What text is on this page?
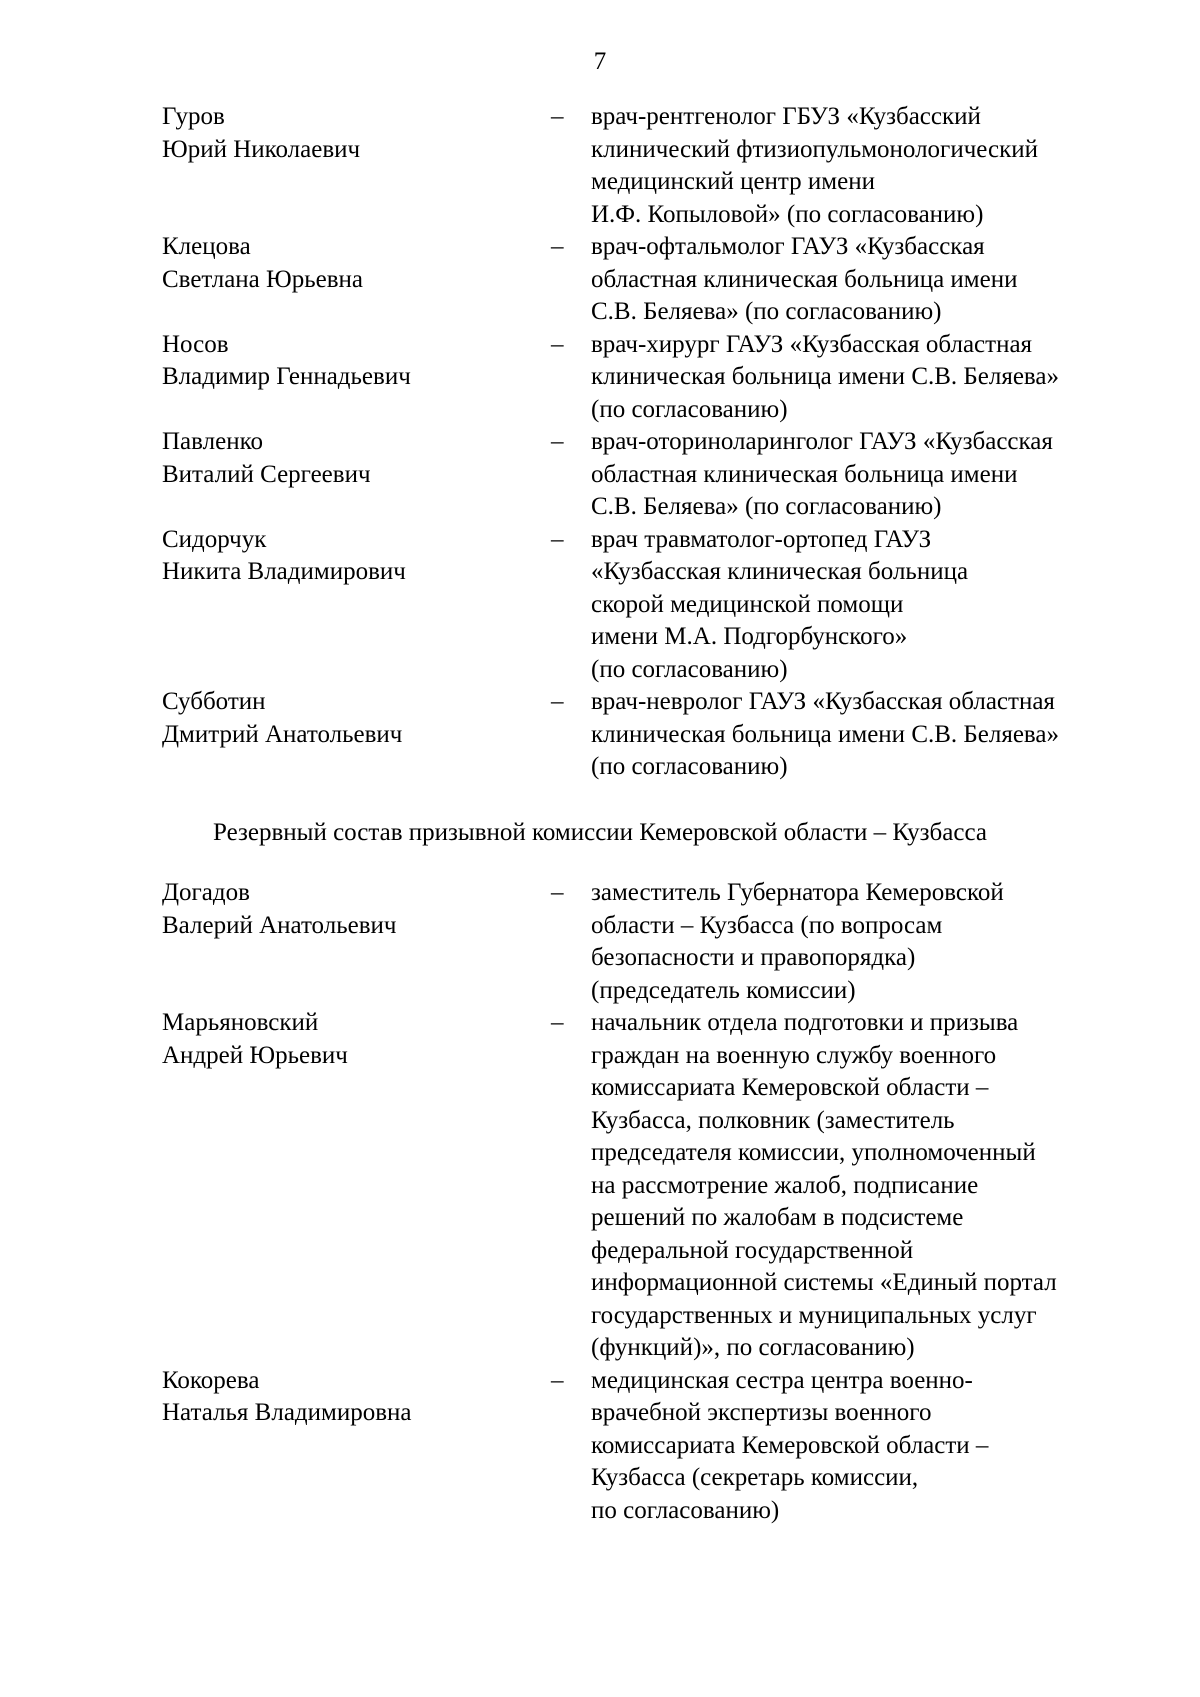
7
Гуров
Юрий Николаевич
– врач-рентгенолог ГБУЗ «Кузбасский
клинический фтизиопульмонологический
медицинский центр имени
И.Ф. Копыловой» (по согласованию)
Клецова
Светлана Юрьевна
– врач-офтальмолог ГАУЗ «Кузбасская
областная клиническая больница имени
С.В. Беляева» (по согласованию)
Носов
Владимир Геннадьевич
– врач-хирург ГАУЗ «Кузбасская областная
клиническая больница имени С.В. Беляева»
(по согласованию)
Павленко
Виталий Сергеевич
– врач-оториноларинголог ГАУЗ «Кузбасская
областная клиническая больница имени
С.В. Беляева» (по согласованию)
Сидорчук
Никита Владимирович
– врач травматолог-ортопед ГАУЗ
«Кузбасская клиническая больница
скорой медицинской помощи
имени М.А. Подгорбунского»
(по согласованию)
Субботин
Дмитрий Анатольевич
– врач-невролог ГАУЗ «Кузбасская областная
клиническая больница имени С.В. Беляева»
(по согласованию)
Резервный состав призывной комиссии Кемеровской области – Кузбасса
Догадов
Валерий Анатольевич
– заместитель Губернатора Кемеровской
области – Кузбасса (по вопросам
безопасности и правопорядка)
(председатель комиссии)
Марьяновский
Андрей Юрьевич
– начальник отдела подготовки и призыва
граждан на военную службу военного
комиссариата Кемеровской области –
Кузбасса, полковник (заместитель
председателя комиссии, уполномоченный
на рассмотрение жалоб, подписание
решений по жалобам в подсистеме
федеральной государственной
информационной системы «Единый портал
государственных и муниципальных услуг
(функций)», по согласованию)
Кокорева
Наталья Владимировна
– медицинская сестра центра военно-
врачебной экспертизы военного
комиссариата Кемеровской области –
Кузбасса (секретарь комиссии,
по согласованию)
